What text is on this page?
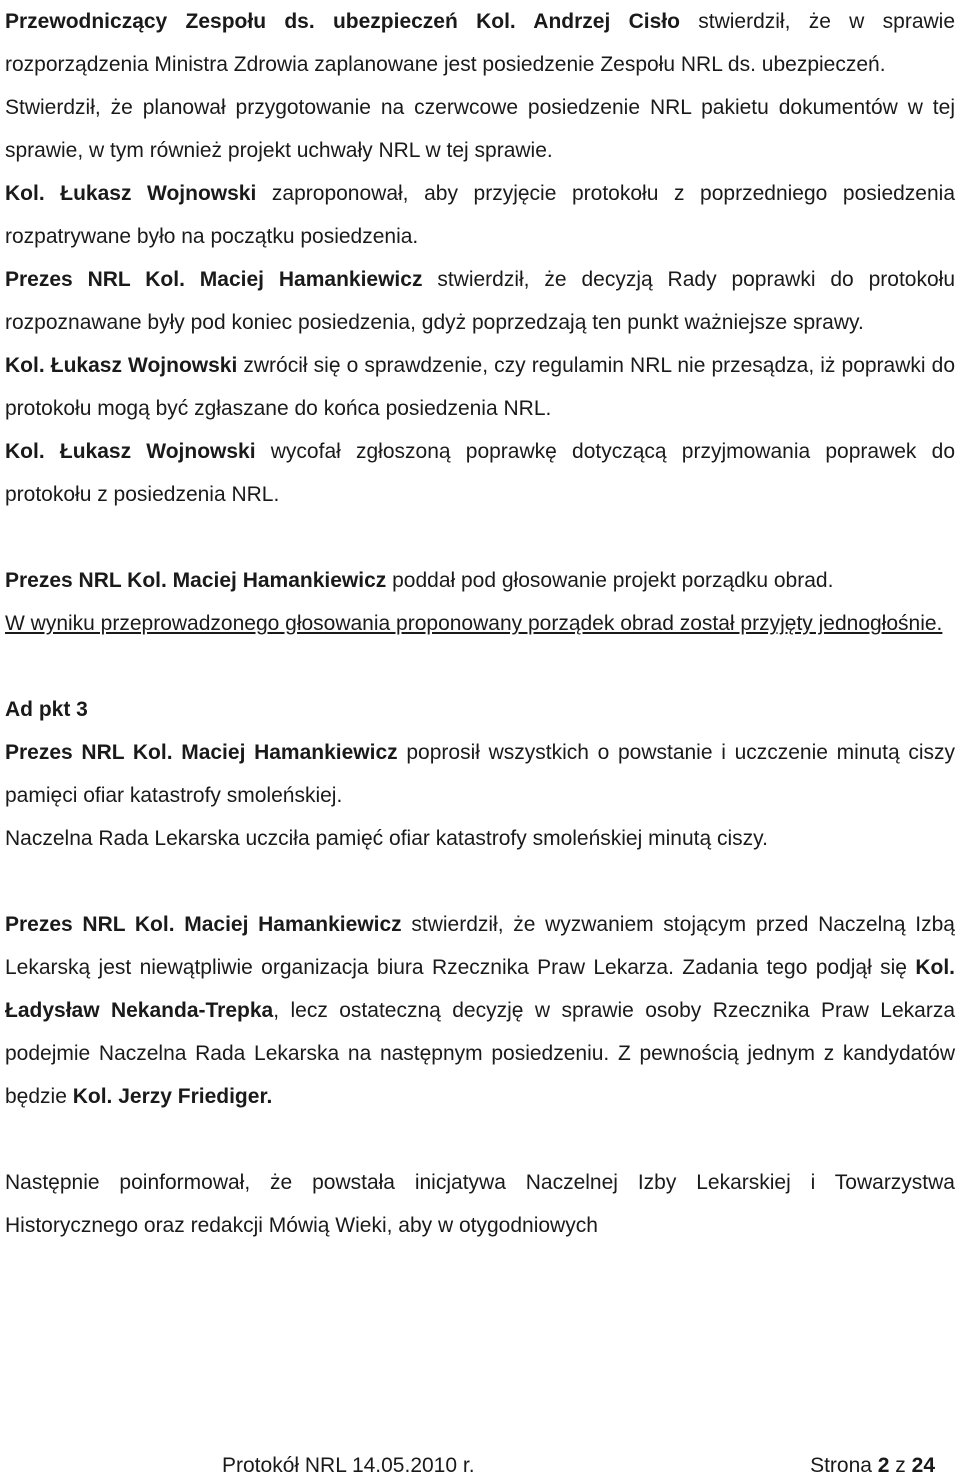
Przewodniczący Zespołu ds. ubezpieczeń Kol. Andrzej Cisło stwierdził, że w sprawie rozporządzenia Ministra Zdrowia zaplanowane jest posiedzenie Zespołu NRL ds. ubezpieczeń.

Stwierdził, że planował przygotowanie na czerwcowe posiedzenie NRL pakietu dokumentów w tej sprawie, w tym również projekt uchwały NRL w tej sprawie.

Kol. Łukasz Wojnowski zaproponował, aby przyjęcie protokołu z poprzedniego posiedzenia rozpatrywane było na początku posiedzenia.

Prezes NRL Kol. Maciej Hamankiewicz stwierdził, że decyzją Rady poprawki do protokołu rozpoznawane były pod koniec posiedzenia, gdyż poprzedzają ten punkt ważniejsze sprawy.

Kol. Łukasz Wojnowski zwrócił się o sprawdzenie, czy regulamin NRL nie przesądza, iż poprawki do protokołu mogą być zgłaszane do końca posiedzenia NRL.

Kol. Łukasz Wojnowski wycofał zgłoszoną poprawkę dotyczącą przyjmowania poprawek do protokołu z posiedzenia NRL.

Prezes NRL Kol. Maciej Hamankiewicz poddał pod głosowanie projekt porządku obrad.

W wyniku przeprowadzonego głosowania proponowany porządek obrad został przyjęty jednogłośnie.

Ad pkt 3

Prezes NRL Kol. Maciej Hamankiewicz poprosił wszystkich o powstanie i uczczenie minutą ciszy pamięci ofiar katastrofy smoleńskiej.

Naczelna Rada Lekarska uczciła pamięć ofiar katastrofy smoleńskiej minutą ciszy.

Prezes NRL Kol. Maciej Hamankiewicz stwierdził, że wyzwaniem stojącym przed Naczelną Izbą Lekarską jest niewątpliwie organizacja biura Rzecznika Praw Lekarza. Zadania tego podjął się Kol. Ładysław Nekanda-Trepka, lecz ostateczną decyzję w sprawie osoby Rzecznika Praw Lekarza podejmie Naczelna Rada Lekarska na następnym posiedzeniu. Z pewnością jednym z kandydatów będzie Kol. Jerzy Friediger.

Następnie poinformował, że powstała inicjatywa Naczelnej Izby Lekarskiej i Towarzystwa Historycznego oraz redakcji Mówią Wieki, aby w otygodniowych

Protokół NRL 14.05.2010 r.	Strona 2 z 24
